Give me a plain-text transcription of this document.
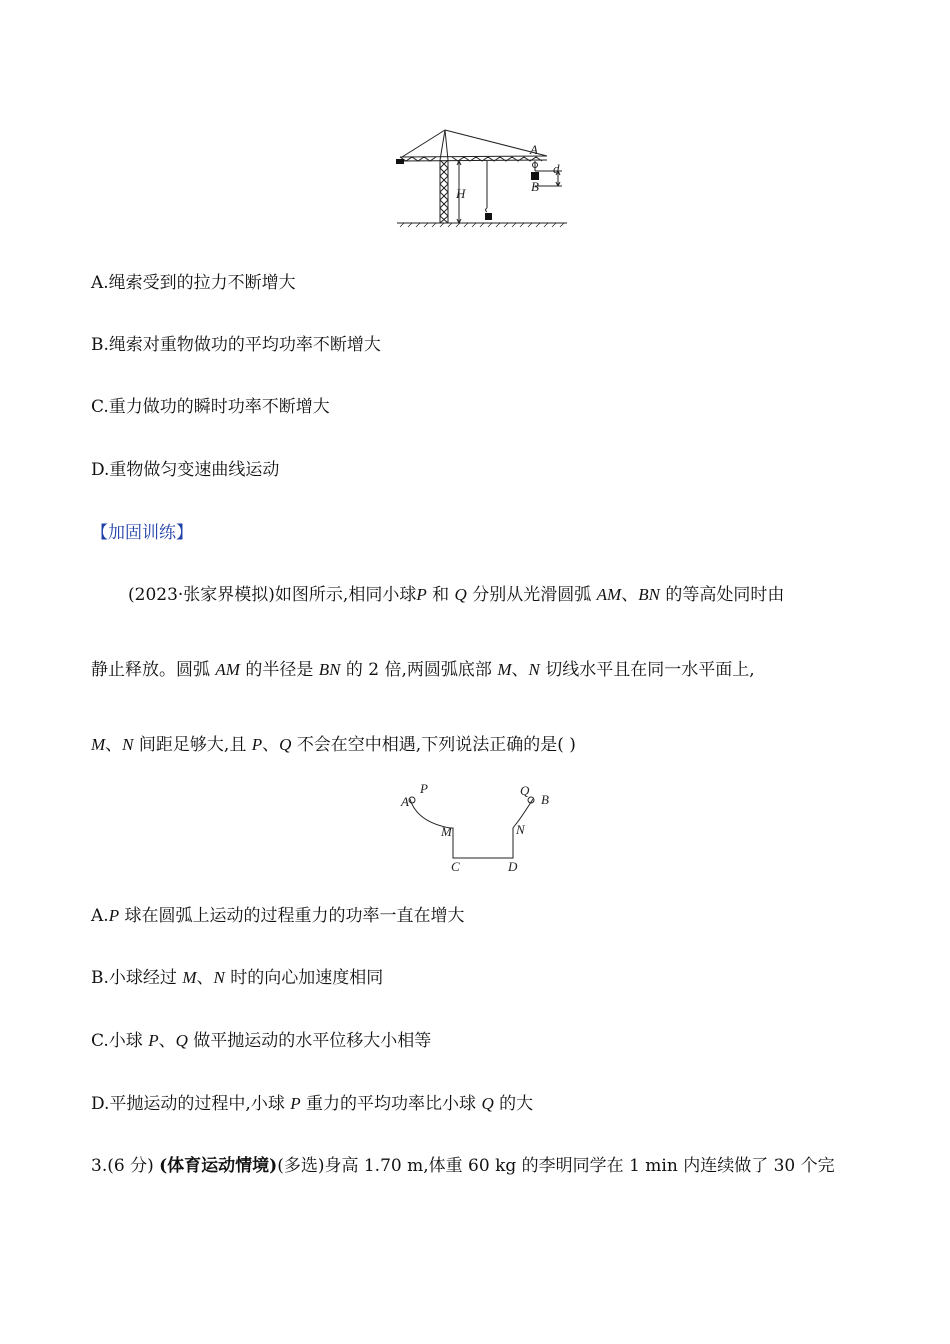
A
B
d
H
A.绳索受到的拉力不断增大
B.绳索对重物做功的平均功率不断增大
C.重力做功的瞬时功率不断增大
D.重物做匀变速曲线运动
【加固训练】
(2023·张家界模拟)如图所示,相同小球P 和 Q 分别从光滑圆弧 AM、BN 的等高处同时由
静止释放。圆弧 AM 的半径是 BN 的 2 倍,两圆弧底部 M、N 切线水平且在同一水平面上,
M、N 间距足够大,且 P、Q 不会在空中相遇,下列说法正确的是( )
A
P	Q
B
M	N
C	D
A.P 球在圆弧上运动的过程重力的功率一直在增大
B.小球经过 M、N 时的向心加速度相同
C.小球 P、Q 做平抛运动的水平位移大小相等
D.平抛运动的过程中,小球 P 重力的平均功率比小球 Q 的大
3.(6 分) (体育运动情境)(多选)身高 1.70 m,体重 60 kg 的李明同学在 1 min 内连续做了 30 个完
